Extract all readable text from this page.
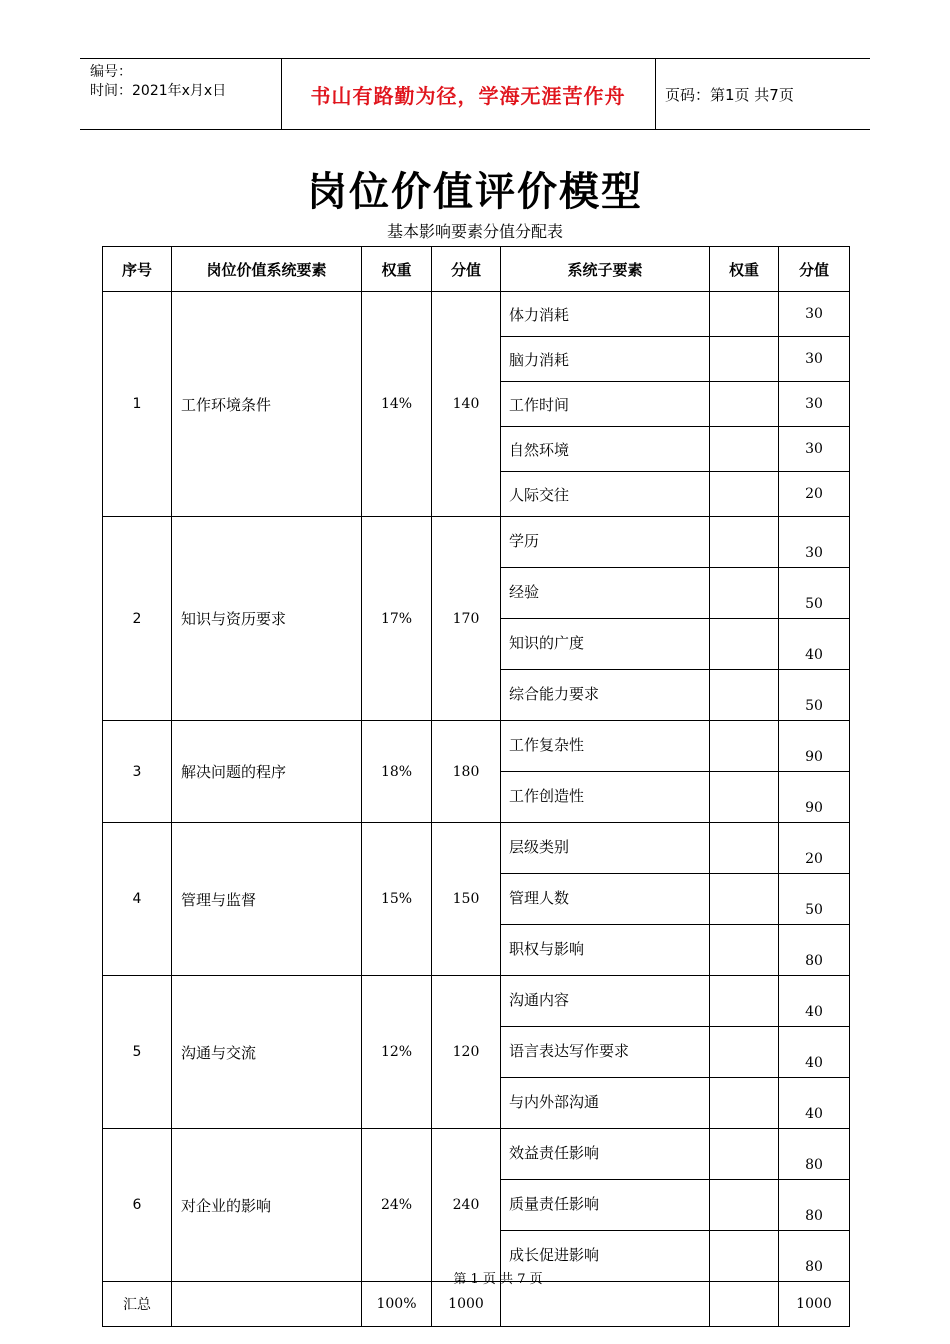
编号：
时间：2021年x月x日	书山有路勤为径，学海无涯苦作舟	页码：第1页 共7页
岗位价值评价模型
基本影响要素分值分配表
序号	岗位价值系统要素	权重	分值	系统子要素	权重	分值
1	工作环境条件	14%	140	体力消耗		30
				脑力消耗		30
				工作时间		30
				自然环境		30
				人际交往		20
2	知识与资历要求	17%	170	学历		30
				经验		50
				知识的广度		40
				综合能力要求		50
3	解决问题的程序	18%	180	工作复杂性		90
				工作创造性		90
4	管理与监督	15%	150	层级类别		20
				管理人数		50
				职权与影响		80
5	沟通与交流	12%	120	沟通内容		40
				语言表达写作要求		40
				与内外部沟通		40
6	对企业的影响	24%	240	效益责任影响		80
				质量责任影响		80
				成长促进影响		80
汇总		100%	1000			1000
第 1 页 共 7 页
